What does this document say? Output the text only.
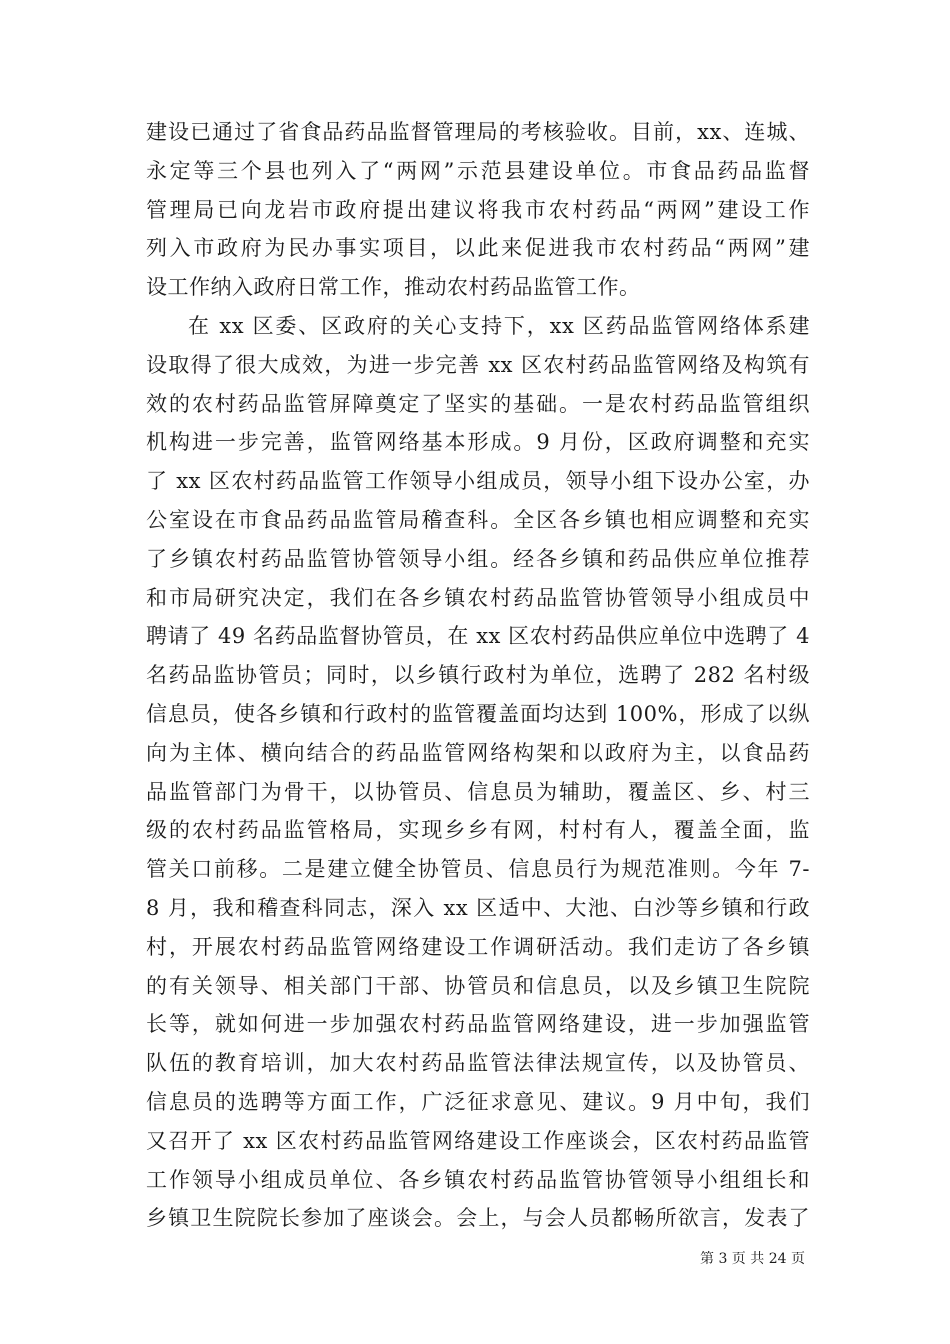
建设已通过了省食品药品监督管理局的考核验收。目前，xx、连城、
永定等三个县也列入了“两网”示范县建设单位。市食品药品监督
管理局已向龙岩市政府提出建议将我市农村药品“两网”建设工作
列入市政府为民办事实项目，以此来促进我市农村药品“两网”建
设工作纳入政府日常工作，推动农村药品监管工作。
在 xx 区委、区政府的关心支持下，xx 区药品监管网络体系建
设取得了很大成效，为进一步完善 xx 区农村药品监管网络及构筑有
效的农村药品监管屏障奠定了坚实的基础。一是农村药品监管组织
机构进一步完善，监管网络基本形成。9 月份，区政府调整和充实
了 xx 区农村药品监管工作领导小组成员，领导小组下设办公室，办
公室设在市食品药品监管局稽查科。全区各乡镇也相应调整和充实
了乡镇农村药品监管协管领导小组。经各乡镇和药品供应单位推荐
和市局研究决定，我们在各乡镇农村药品监管协管领导小组成员中
聘请了 49 名药品监督协管员，在 xx 区农村药品供应单位中选聘了 4
名药品监协管员；同时，以乡镇行政村为单位，选聘了 282 名村级
信息员，使各乡镇和行政村的监管覆盖面均达到 100%，形成了以纵
向为主体、横向结合的药品监管网络构架和以政府为主，以食品药
品监管部门为骨干，以协管员、信息员为辅助，覆盖区、乡、村三
级的农村药品监管格局，实现乡乡有网，村村有人，覆盖全面，监
管关口前移。二是建立健全协管员、信息员行为规范准则。今年 7-
8 月，我和稽查科同志，深入 xx 区适中、大池、白沙等乡镇和行政
村，开展农村药品监管网络建设工作调研活动。我们走访了各乡镇
的有关领导、相关部门干部、协管员和信息员，以及乡镇卫生院院
长等，就如何进一步加强农村药品监管网络建设，进一步加强监管
队伍的教育培训，加大农村药品监管法律法规宣传，以及协管员、
信息员的选聘等方面工作，广泛征求意见、建议。9 月中旬，我们
又召开了 xx 区农村药品监管网络建设工作座谈会，区农村药品监管
工作领导小组成员单位、各乡镇农村药品监管协管领导小组组长和
乡镇卫生院院长参加了座谈会。会上，与会人员都畅所欲言，发表了
第 3 页 共 24 页
